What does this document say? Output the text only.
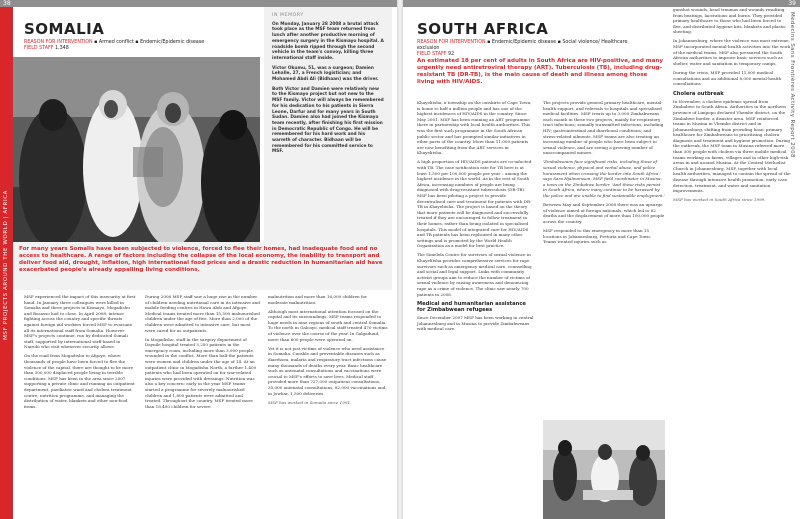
38
MSF PROJECTS AROUND THE WORLD | AFRICA
SOMALIA
REASON FOR INTERVENTION ▪ Armed conflict ▪ Endemic/Epidemic disease
FIELD STAFF 1,348
IN MEMORY

On Monday, January 28 2008 a brutal attack took place as the MSF team returned from lunch after another productive morning of emergency surgery in the Kismayo hospital. A roadside bomb ripped through the second vehicle in the team's convoy, killing three international staff inside.

Victor Okumu, 51, was a surgeon; Damien Lehalle, 27, a French logistician; and Mohamed Abdi Ali (Bidhaan) was the driver.

Both Victor and Damien were relatively new to the Kismayo project but not new to the MSF family. Victor will always be remembered for his dedication to his patients in Sierra Leone, Darfur and for many years in South Sudan. Damien also had joined the Kismayo team recently, after finishing his first mission in Democratic Republic of Congo. He will be remembered for his hard work and his warmth of character. Bidhaan will be remembered for his committed service to MSF.

For many years Somalis have been subjected to violence, forced to flee their homes, had inadequate food and no access to healthcare. A range of factors including the collapse of the local economy, the inability to transport and deliver food aid, drought, inflation, high international food prices and a drastic reduction in humanitarian aid have exacerbated people's already appalling living conditions.

MSF experienced the impact of this insecurity at first hand. In January three colleagues were killed in Somalia and three projects in Kismayo, Mogadishu and Bosasso had to close. In April 2008, intense fighting across the country and specific threats against foreign aid workers forced MSF to evacuate all its international staff from Somalia. However MSF's projects continue, run by dedicated Somali staff, supported by international staff based in Nairobi who visit whenever security allows.

On the road from Mogadishu to Afgoye, where thousands of people have been forced to flee the violence of the capital, there are thought to be more than 300,000 displaced people living in terrible conditions. MSF has been in the area since 2007 supporting a private clinic and running an outpatient department, paediatric ward and cholera treatment centre, nutrition programme, and managing the distribution of water, blankets and other non-food items.

During 2008 MSF staff saw a huge rise in the number of children needing nutritional care in its intensive and mobile feeding centres in Hawa Abdi and Afgoye. Medical teams treated more than 15,500 malnourished children under the age of five. More than 2,000 of the children were admitted to intensive care, but most were cared for as outpatients.

In Mogadishu, staff in the surgery department of Daynile hospital treated 3,250 patients in the emergency room, including more than 3,000 people wounded in the conflict. More than half the patients were women and children under the age of 14. At an outpatient clinic in Mogadishu North, a further 1,400 patients who had been operated on for war-related injuries were provided with dressings. Nutrition was also a key concern: early in the year MSF teams started a programme for severely malnourished children and 1,800 patients were admitted and treated. Throughout the country, MSF treated more than 18,400 children for severe

malnutrition and more than 16,000 children for moderate malnutrition.

Although most international attention focused on the capital and its surroundings, MSF teams responded to huge needs in nine regions of south and central Somalia. To the north in Galcayo, medical staff treated 470 victims of violence over the course of the year. In Galgaduud, more than 600 people were operated on.

Yet it is not just victims of violence who need assistance in Somalia. Curable and preventable diseases such as diarrhoea, malaria and respiratory tract infections cause many thousands of deaths every year. Basic healthcare such as antenatal consultations and vaccinations were crucial to MSF's efforts to save lives. Medical staff provided more than 727,000 outpatient consultations, 35,000 antenatal consultations, 82,000 vaccinations and, in Jowhar, 1,500 deliveries.

MSF has worked in Somalia since 1991.

39
Médecins Sans Frontières Activity Report 2008
SOUTH AFRICA
REASON FOR INTERVENTION ▪ Endemic/Epidemic disease ▪ Social violence/ Healthcare exclusion
FIELD STAFF 92
An estimated 18 per cent of adults in South Africa are HIV-positive, and many urgently need antiretroviral therapy (ART). Tuberculosis (TB), including drug-resistant TB (DR-TB), is the main cause of death and illness among those living with HIV/AIDS.

Khayelitsha, a township on the outskirts of Cape Town, is home to half a million people and has one of the highest incidences of HIV/AIDS in the country. Since May 2001, MSF has been running an ART programme there in partnership with local health authorities. This was the first such programme in the South African public sector and has prompted similar initiatives in other parts of the country. More than 11,000 patients are now benefiting from the ART services in Khayelitsha.

A high proportion of HIV/AIDS patients are co-infected with TB. The case notification rate for TB here is at least 1,500 per 100,000 people per year – among the highest incidence in the world. As in the rest of South Africa, increasing numbers of people are being diagnosed with drug-resistant tuberculosis (DR-TB). MSF has been piloting a project to provide decentralised care and treatment for patients with DR-TB in Khayelitsha. The project is based on the theory that more patients will be diagnosed and successfully treated if they are encouraged to follow treatment in their homes, rather than being isolated in specialised hospitals. This model of integrated care for HIV/AIDS and TB patients has been replicated in many other settings and is promoted by the World Health Organization as a model for best practice.

The Simelela Centre for survivors of sexual violence in Khayelitsha provides comprehensive services for rape survivors such as emergency medical care, counselling and social and legal support. Links with community activist groups aim to reduce the number of victims of sexual violence by raising awareness and denouncing rape as a crime of violence. The clinic saw nearly 700 patients in 2008.

Medical and humanitarian assistance for Zimbabwean refugees

Since December 2007 MSF has been working in central Johannesburg and in Musina to provide Zimbabweans with medical care.

The projects provide general primary healthcare, mental-health support, and referrals to hospitals and specialised medical facilities. MSF treats up to 3,000 Zimbabweans each month in these two projects, mainly for respiratory tract infections; sexually transmitted infections, including HIV; gastrointestinal and diarrhoeal conditions; and stress-related ailments. MSF teams are also treating an increasing number of people who have been subject to sexual violence, and are seeing a growing number of unaccompanied minors.

'Zimbabweans face significant risks, including those of sexual violence, physical and verbal abuse, and police harassment when crossing the border into South Africa,' says Sara Hjalmarsson, MSF field coordinator in Musina, a town on the Zimbabwe border. 'And these risks persist in South Africa, where many continue to be harassed by the police and are unable to find sustainable employment.'

Between May and September 2008 there was an upsurge of violence aimed at foreign nationals, which led to 62 deaths and the displacement of more than 100,000 people across the country.

MSF responded to this emergency in more than 15 locations in Johannesburg, Pretoria and Cape Town. Teams treated injuries such as

gunshot wounds, head traumas and wounds resulting from beatings, lacerations and burns. They provided primary healthcare to those who had been forced to flee, and distributed hygiene kits, blankets and plastic sheeting.

In Johannesburg, where the violence was most extreme, MSF incorporated mental-health activities into the work of the medical teams. MSF also pressured the South African authorities to improve basic services such as shelter, water and sanitation in temporary camps.

During the crisis, MSF provided 11,000 medical consultations and an additional 8,000 mental-health consultations.

Cholera outbreak

In November, a cholera epidemic spread from Zimbabwe to South Africa. Authorities in the northern province of Limpopo declared Vhembe district, on the Zimbabwe border, a disaster area. MSF reinforced teams in Musina in Vhembe district and in Johannesburg, shifting from providing basic primary healthcare for Zimbabweans to prioritising cholera diagnosis and treatment and hygiene promotion. During the outbreak, the MSF team in Musina referred more than 300 people with cholera via three mobile medical teams working on farms, villages and in other high-risk areas in and around Musina. At the Central Methodist Church in Johannesburg, MSF, together with local health authorities, managed to contain the spread of the disease through intensive health promotion, early case detection, treatment, and water and sanitation improvements.

MSF has worked in South Africa since 1999.
